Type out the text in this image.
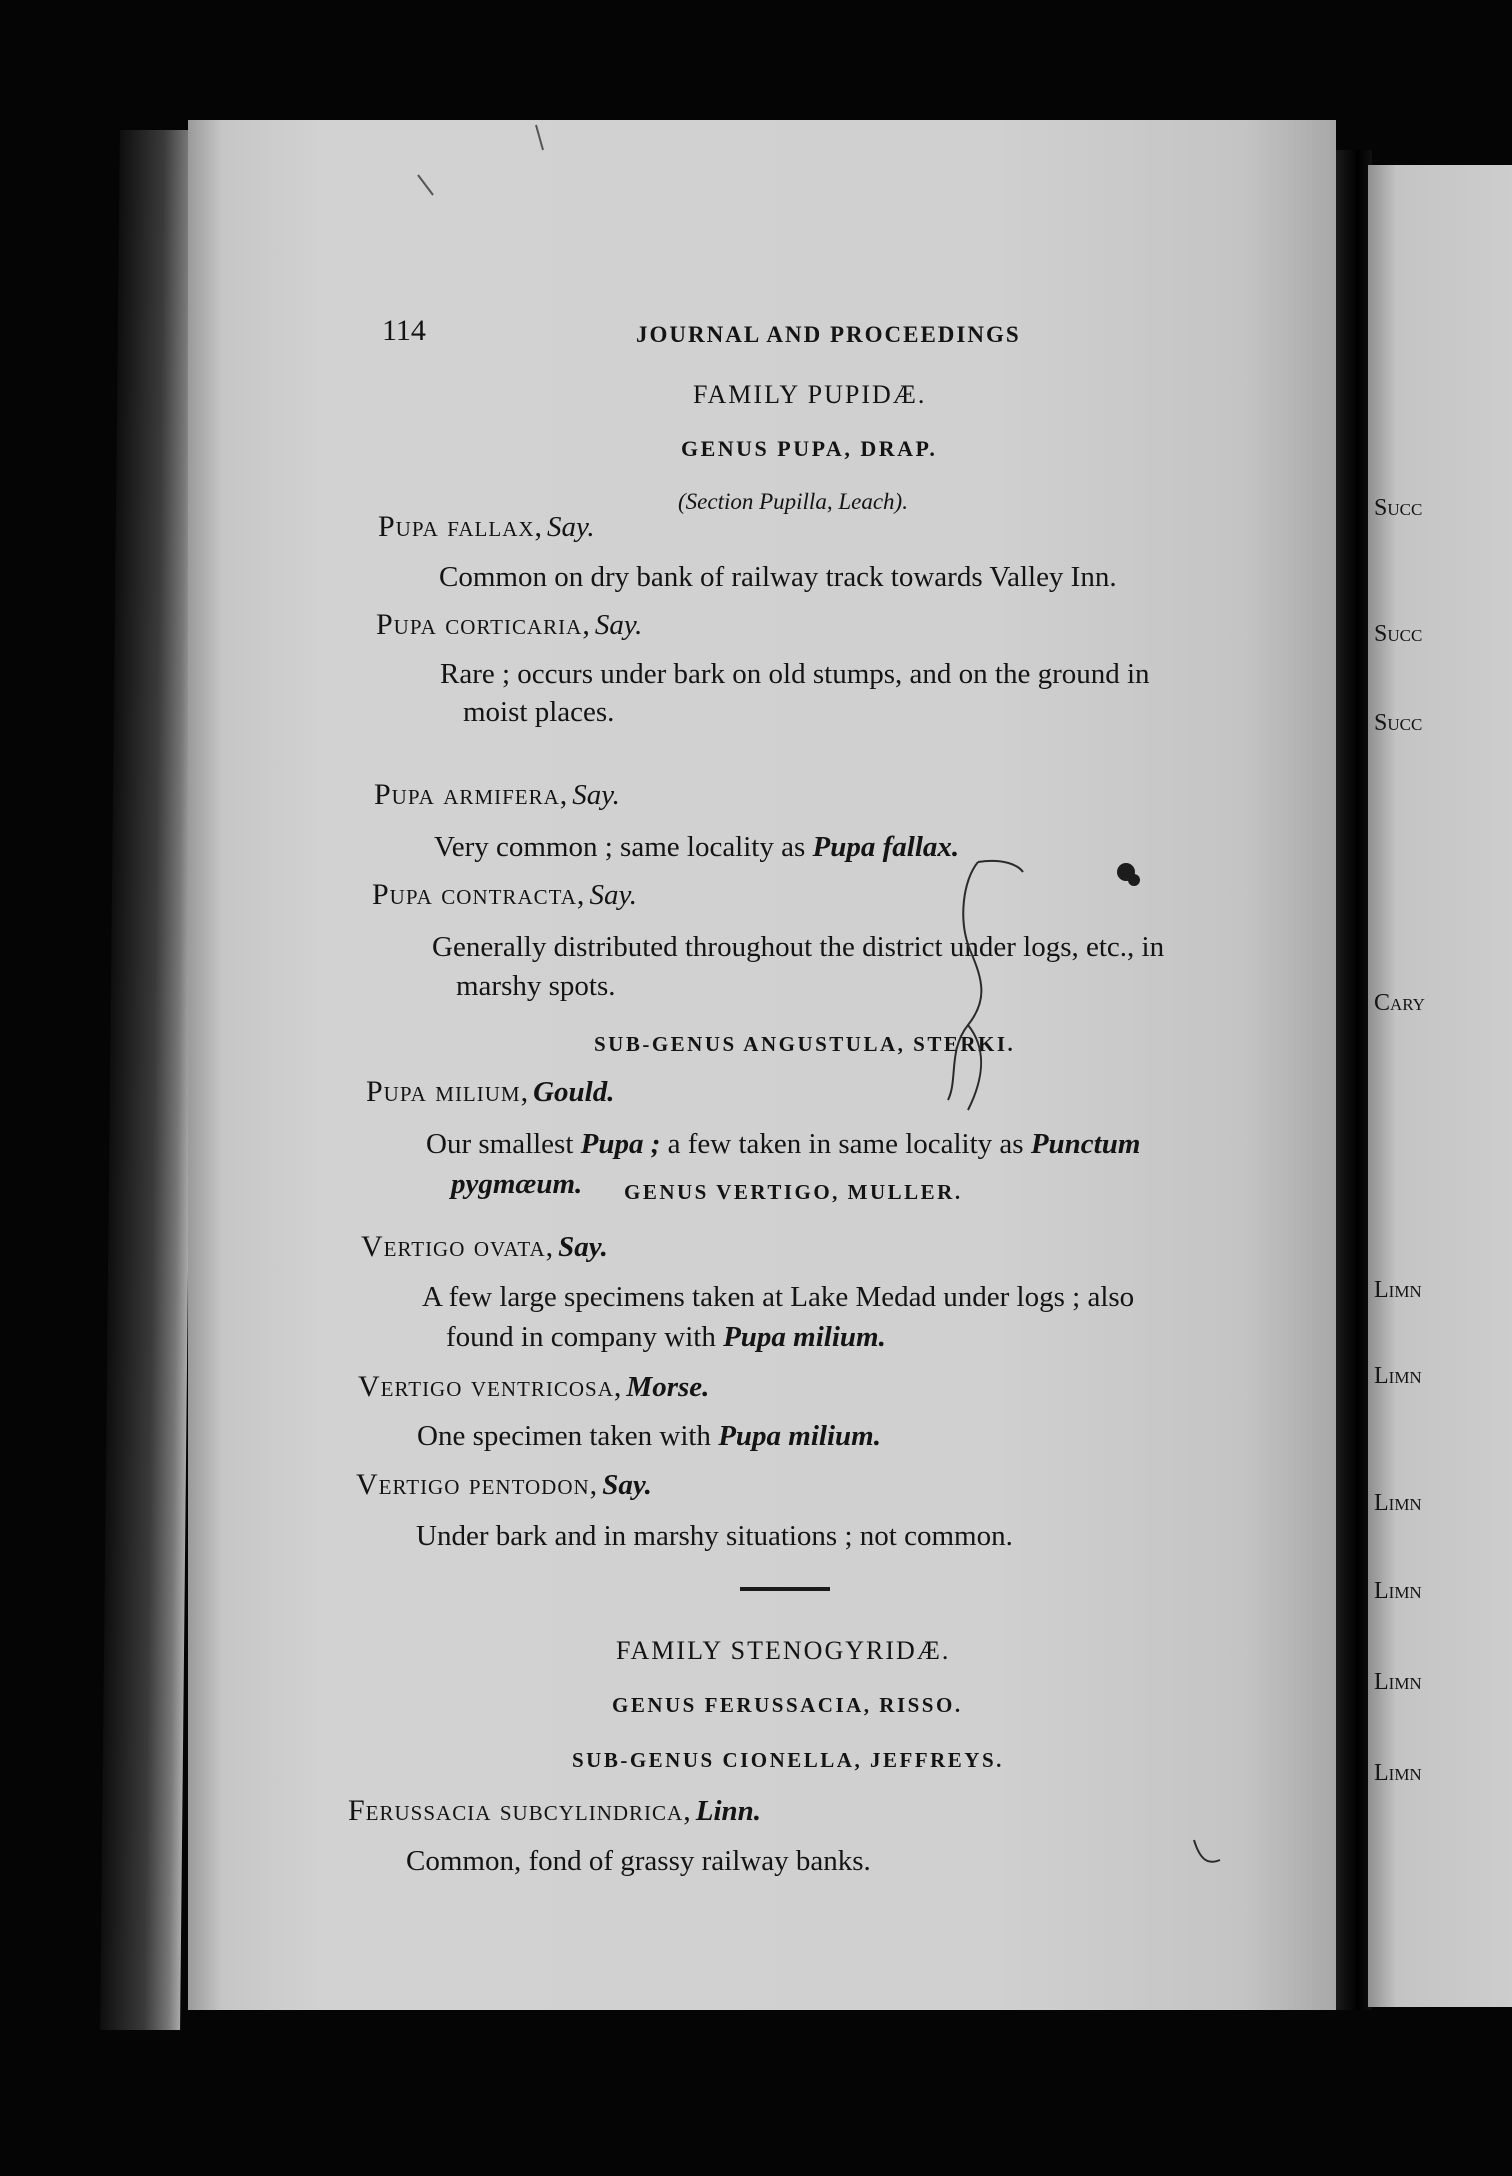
114	JOURNAL AND PROCEEDINGS
FAMILY PUPIDÆ.
GENUS PUPA, DRAP.
(Section Pupilla, Leach).
Pupa fallax, Say.
Common on dry bank of railway track towards Valley Inn.
Pupa corticaria, Say.
Rare ; occurs under bark on old stumps, and on the ground in
moist places.
Pupa armifera, Say.
Very common ; same locality as Pupa fallax.
Pupa contracta, Say.
Generally distributed throughout the district under logs, etc., in
marshy spots.
SUB-GENUS ANGUSTULA, STERKI.
Pupa milium, Gould.
Our smallest Pupa ; a few taken in same locality as Punctum
pygmæum. GENUS VERTIGO, MULLER.
Vertigo ovata, Say.
A few large specimens taken at Lake Medad under logs ; also
found in company with Pupa milium.
Vertigo ventricosa, Morse.
One specimen taken with Pupa milium.
Vertigo pentodon, Say.
Under bark and in marshy situations ; not common.
FAMILY STENOGYRIDÆ.
GENUS FERUSSACIA, RISSO.
SUB-GENUS CIONELLA, JEFFREYS.
Ferussacia subcylindrica, Linn.
Common, fond of grassy railway banks.
Succ
Succ
Succ
Cary
Limn
Limn
Limn
Limn
Limn
Limn
